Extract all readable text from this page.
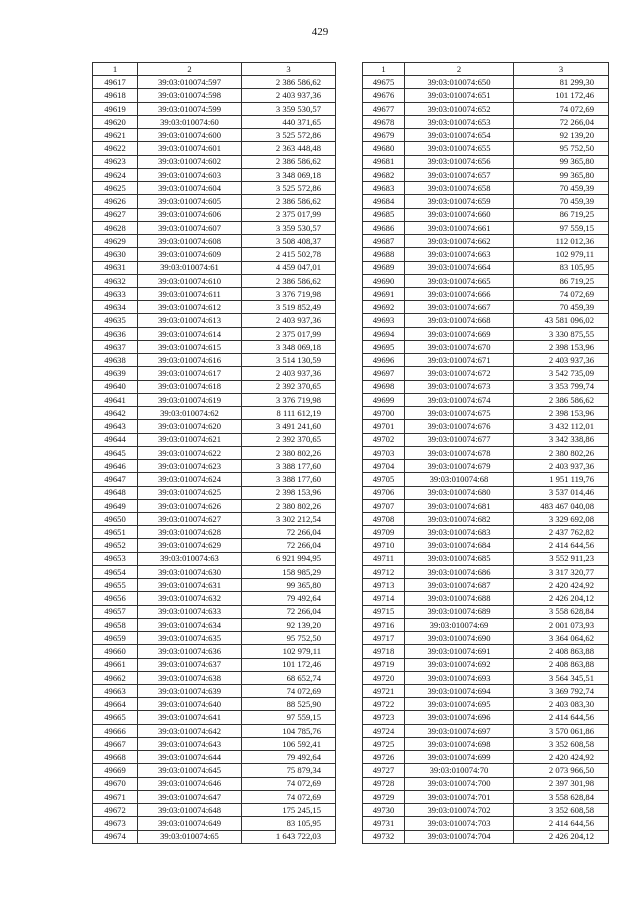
429
1	2	3
49617	39:03:010074:597	2 386 586,62
49618	39:03:010074:598	2 403 937,36
49619	39:03:010074:599	3 359 530,57
49620	39:03:010074:60	440 371,65
49621	39:03:010074:600	3 525 572,86
49622	39:03:010074:601	2 363 448,48
49623	39:03:010074:602	2 386 586,62
49624	39:03:010074:603	3 348 069,18
49625	39:03:010074:604	3 525 572,86
49626	39:03:010074:605	2 386 586,62
49627	39:03:010074:606	2 375 017,99
49628	39:03:010074:607	3 359 530,57
49629	39:03:010074:608	3 508 408,37
49630	39:03:010074:609	2 415 502,78
49631	39:03:010074:61	4 459 047,01
49632	39:03:010074:610	2 386 586,62
49633	39:03:010074:611	3 376 719,98
49634	39:03:010074:612	3 519 852,49
49635	39:03:010074:613	2 403 937,36
49636	39:03:010074:614	2 375 017,99
49637	39:03:010074:615	3 348 069,18
49638	39:03:010074:616	3 514 130,59
49639	39:03:010074:617	2 403 937,36
49640	39:03:010074:618	2 392 370,65
49641	39:03:010074:619	3 376 719,98
49642	39:03:010074:62	8 111 612,19
49643	39:03:010074:620	3 491 241,60
49644	39:03:010074:621	2 392 370,65
49645	39:03:010074:622	2 380 802,26
49646	39:03:010074:623	3 388 177,60
49647	39:03:010074:624	3 388 177,60
49648	39:03:010074:625	2 398 153,96
49649	39:03:010074:626	2 380 802,26
49650	39:03:010074:627	3 302 212,54
49651	39:03:010074:628	72 266,04
49652	39:03:010074:629	72 266,04
49653	39:03:010074:63	6 921 994,95
49654	39:03:010074:630	158 985,29
49655	39:03:010074:631	99 365,80
49656	39:03:010074:632	79 492,64
49657	39:03:010074:633	72 266,04
49658	39:03:010074:634	92 139,20
49659	39:03:010074:635	95 752,50
49660	39:03:010074:636	102 979,11
49661	39:03:010074:637	101 172,46
49662	39:03:010074:638	68 652,74
49663	39:03:010074:639	74 072,69
49664	39:03:010074:640	88 525,90
49665	39:03:010074:641	97 559,15
49666	39:03:010074:642	104 785,76
49667	39:03:010074:643	106 592,41
49668	39:03:010074:644	79 492,64
49669	39:03:010074:645	75 879,34
49670	39:03:010074:646	74 072,69
49671	39:03:010074:647	74 072,69
49672	39:03:010074:648	175 245,15
49673	39:03:010074:649	83 105,95
49674	39:03:010074:65	1 643 722,03
1	2	3
49675	39:03:010074:650	81 299,30
49676	39:03:010074:651	101 172,46
49677	39:03:010074:652	74 072,69
49678	39:03:010074:653	72 266,04
49679	39:03:010074:654	92 139,20
49680	39:03:010074:655	95 752,50
49681	39:03:010074:656	99 365,80
49682	39:03:010074:657	99 365,80
49683	39:03:010074:658	70 459,39
49684	39:03:010074:659	70 459,39
49685	39:03:010074:660	86 719,25
49686	39:03:010074:661	97 559,15
49687	39:03:010074:662	112 012,36
49688	39:03:010074:663	102 979,11
49689	39:03:010074:664	83 105,95
49690	39:03:010074:665	86 719,25
49691	39:03:010074:666	74 072,69
49692	39:03:010074:667	70 459,39
49693	39:03:010074:668	43 581 096,02
49694	39:03:010074:669	3 330 875,55
49695	39:03:010074:670	2 398 153,96
49696	39:03:010074:671	2 403 937,36
49697	39:03:010074:672	3 542 735,09
49698	39:03:010074:673	3 353 799,74
49699	39:03:010074:674	2 386 586,62
49700	39:03:010074:675	2 398 153,96
49701	39:03:010074:676	3 432 112,01
49702	39:03:010074:677	3 342 338,86
49703	39:03:010074:678	2 380 802,26
49704	39:03:010074:679	2 403 937,36
49705	39:03:010074:68	1 951 119,76
49706	39:03:010074:680	3 537 014,46
49707	39:03:010074:681	483 467 040,08
49708	39:03:010074:682	3 329 692,08
49709	39:03:010074:683	2 437 762,82
49710	39:03:010074:684	2 414 644,56
49711	39:03:010074:685	3 552 911,23
49712	39:03:010074:686	3 317 320,77
49713	39:03:010074:687	2 420 424,92
49714	39:03:010074:688	2 426 204,12
49715	39:03:010074:689	3 558 628,84
49716	39:03:010074:69	2 001 073,93
49717	39:03:010074:690	3 364 064,62
49718	39:03:010074:691	2 408 863,88
49719	39:03:010074:692	2 408 863,88
49720	39:03:010074:693	3 564 345,51
49721	39:03:010074:694	3 369 792,74
49722	39:03:010074:695	2 403 083,30
49723	39:03:010074:696	2 414 644,56
49724	39:03:010074:697	3 570 061,86
49725	39:03:010074:698	3 352 608,58
49726	39:03:010074:699	2 420 424,92
49727	39:03:010074:70	2 073 966,50
49728	39:03:010074:700	2 397 301,98
49729	39:03:010074:701	3 558 628,84
49730	39:03:010074:702	3 352 608,58
49731	39:03:010074:703	2 414 644,56
49732	39:03:010074:704	2 426 204,12
